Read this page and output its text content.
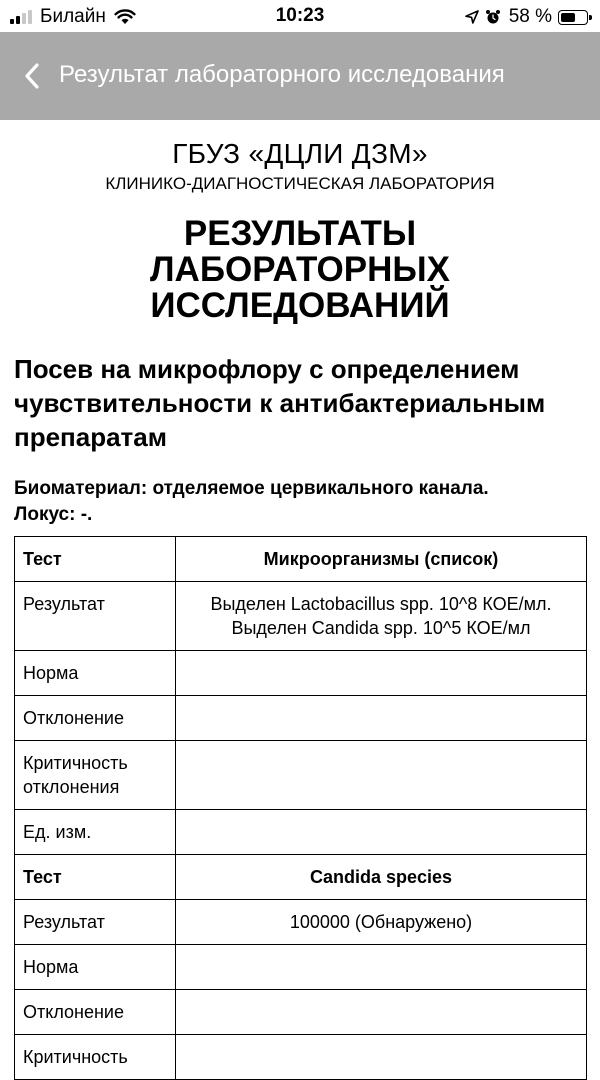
Билайн	10:23	58 %
Результат лабораторного исследования
ГБУЗ «ДЦЛИ ДЗМ»
КЛИНИКО-ДИАГНОСТИЧЕСКАЯ ЛАБОРАТОРИЯ
РЕЗУЛЬТАТЫ
ЛАБОРАТОРНЫХ
ИССЛЕДОВАНИЙ
Посев на микрофлору с определением чувствительности к антибактериальным препаратам
Биоматериал: отделяемое цервикального канала.
Локус: -.
Тест	Микроорганизмы (список)
Результат	Выделен Lactobacillus spp. 10^8 КОЕ/мл. Выделен Candida spp. 10^5 КОЕ/мл
Норма	
Отклонение	
Критичность отклонения	
Ед. изм.	
Тест	Candida species
Результат	100000 (Обнаружено)
Норма	
Отклонение	
Критичность	
